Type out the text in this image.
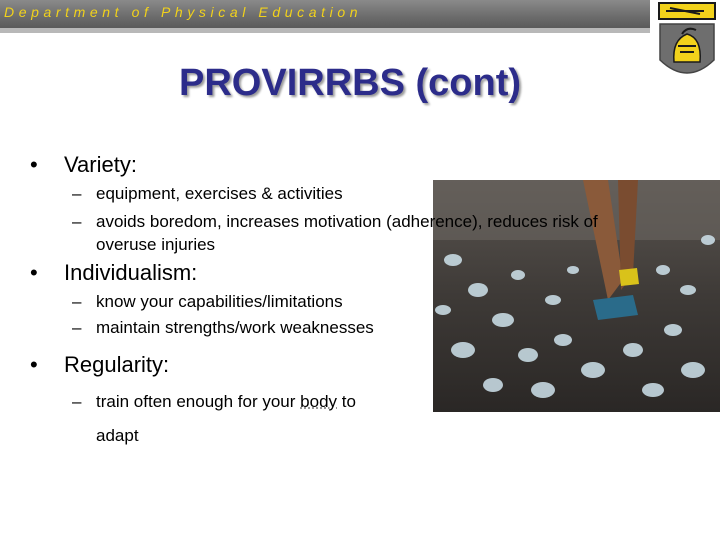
Department of Physical Education
PROVIRRBS (cont)
• Variety:
– equipment, exercises & activities
– avoids boredom, increases motivation (adherence), reduces risk of
overuse injuries
• Individualism:
– know your capabilities/limitations
– maintain strengths/work weaknesses
• Regularity:
– train often enough for your body to
adapt
